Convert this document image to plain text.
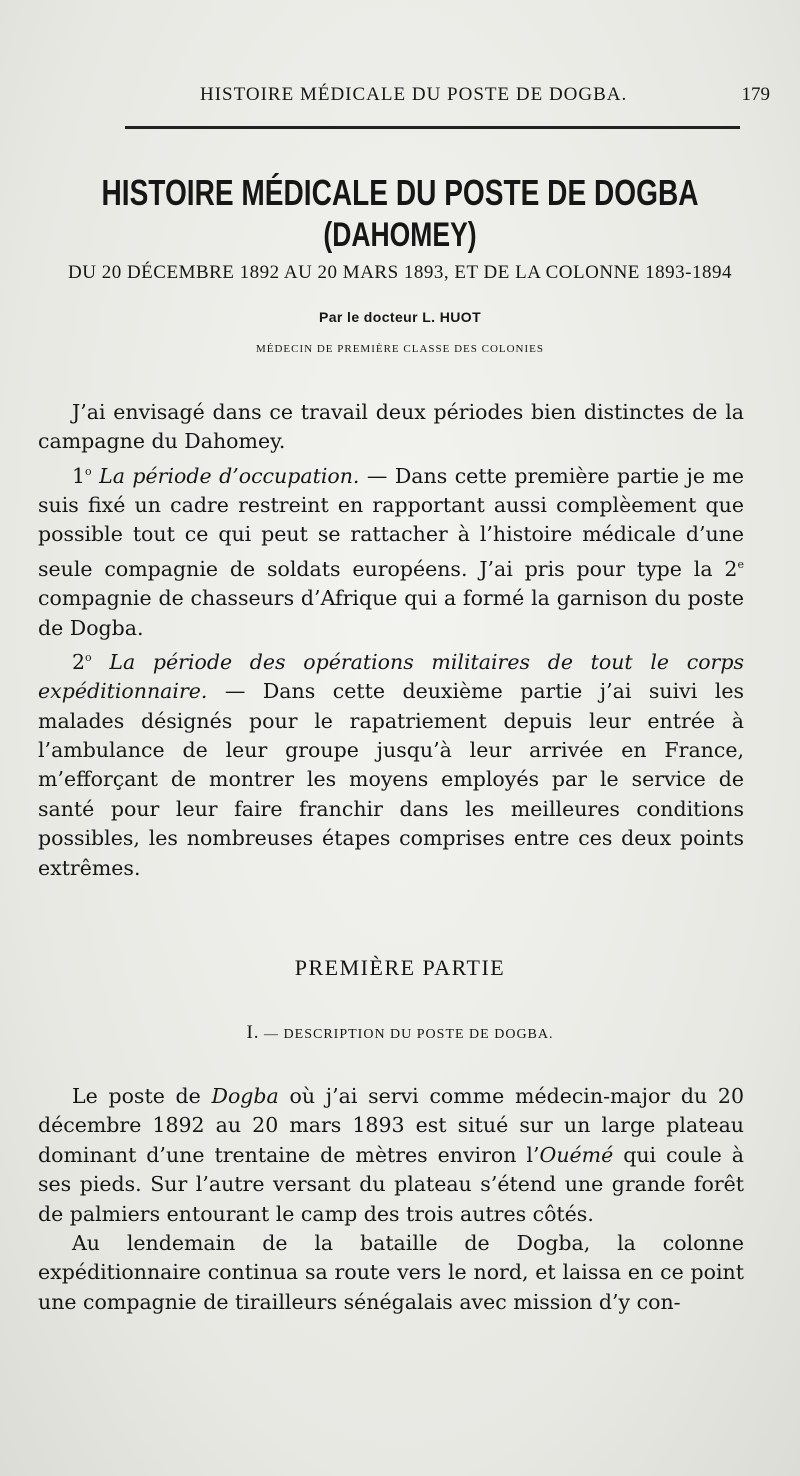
HISTOIRE MÉDICALE DU POSTE DE DOGBA.	179
HISTOIRE MÉDICALE DU POSTE DE DOGBA
(DAHOMEY)
DU 20 DÉCEMBRE 1892 AU 20 MARS 1893, ET DE LA COLONNE 1893-1894
Par le docteur L. HUOT
MÉDECIN DE PREMIÈRE CLASSE DES COLONIES

J’ai envisagé dans ce travail deux périodes bien distinctes de la campagne du Dahomey.

1$^o$ La période d’occupation. — Dans cette première partie je me suis fixé un cadre restreint en rapportant aussi complèement que possible tout ce qui peut se rattacher à l’histoire médicale d’une seule compagnie de soldats européens. J’ai pris pour type la 2e compagnie de chasseurs d’Afrique qui a formé la garnison du poste de Dogba.

2$^o$ La période des opérations militaires de tout le corps expéditionnaire. — Dans cette deuxième partie j’ai suivi les malades désignés pour le rapatriement depuis leur entrée à l’ambulance de leur groupe jusqu’à leur arrivée en France, m’efforçant de montrer les moyens employés par le service de santé pour leur faire franchir dans les meilleures conditions possibles, les nombreuses étapes comprises entre ces deux points extrêmes.

PREMIÈRE PARTIE
I. — DESCRIPTION DU POSTE DE DOGBA.

Le poste de Dogba où j’ai servi comme médecin-major du 20 décembre 1892 au 20 mars 1893 est situé sur un large plateau dominant d’une trentaine de mètres environ l’Ouémé qui coule à ses pieds. Sur l’autre versant du plateau s’étend une grande forêt de palmiers entourant le camp des trois autres côtés.

Au lendemain de la bataille de Dogba, la colonne expéditionnaire continua sa route vers le nord, et laissa en ce point une compagnie de tirailleurs sénégalais avec mission d’y con-
